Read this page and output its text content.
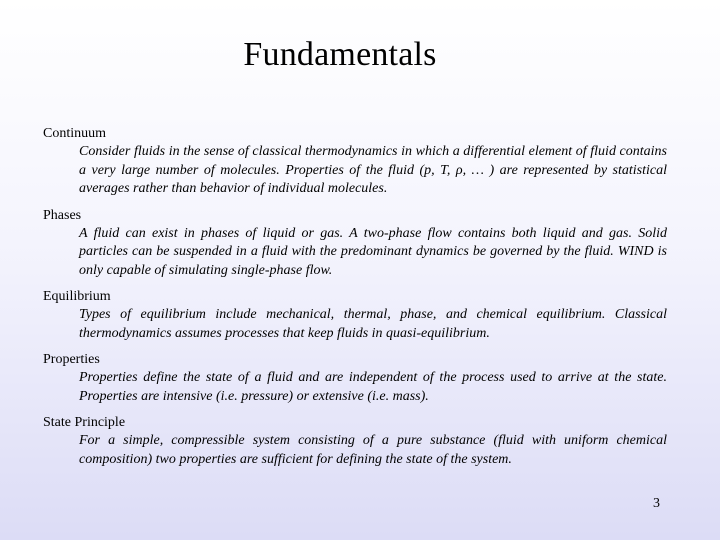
Fundamentals
Continuum
Consider fluids in the sense of classical thermodynamics in which a differential element of fluid contains a very large number of molecules. Properties of the fluid (p, T, ρ, … ) are represented by statistical averages rather than behavior of individual molecules.
Phases
A fluid can exist in phases of liquid or gas. A two-phase flow contains both liquid and gas. Solid particles can be suspended in a fluid with the predominant dynamics be governed by the fluid. WIND is only capable of simulating single-phase flow.
Equilibrium
Types of equilibrium include mechanical, thermal, phase, and chemical equilibrium. Classical thermodynamics assumes processes that keep fluids in quasi-equilibrium.
Properties
Properties define the state of a fluid and are independent of the process used to arrive at the state. Properties are intensive (i.e. pressure) or extensive (i.e. mass).
State Principle
For a simple, compressible system consisting of a pure substance (fluid with uniform chemical composition) two properties are sufficient for defining the state of the system.
3
